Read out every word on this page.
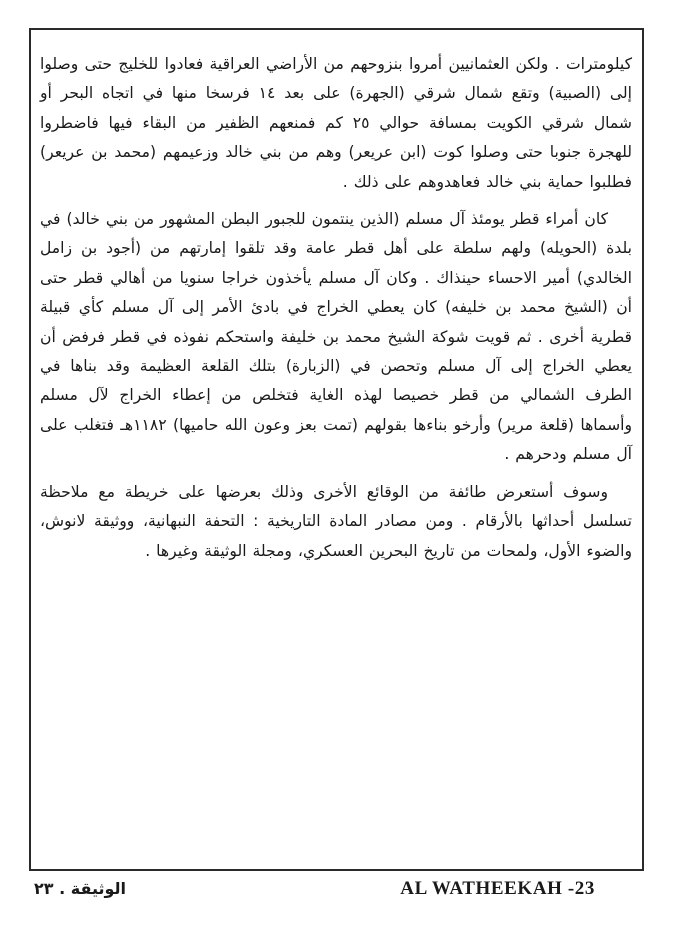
كيلومترات . ولكن العثمانيين أمروا بنزوحهم من الأراضي العراقية فعادوا للخليج حتى وصلوا إلى (الصبية) وتقع شمال شرقي (الجهرة) على بعد ١٤ فرسخا منها في اتجاه البحر أو شمال شرقي الكويت بمسافة حوالي ٢٥ كم فمنعهم الظفير من البقاء فيها فاضطروا للهجرة جنوبا حتى وصلوا كوت (ابن عريعر) وهم من بني خالد وزعيمهم (محمد بن عريعر) فطلبوا حماية بني خالد فعاهدوهم على ذلك .

كان أمراء قطر يومئذ آل مسلم (الذين ينتمون للجبور البطن المشهور من بني خالد) في بلدة (الحويله) ولهم سلطة على أهل قطر عامة وقد تلقوا إمارتهم من (أجود بن زامل الخالدي) أمير الاحساء حينذاك . وكان آل مسلم يأخذون خراجا سنويا من أهالي قطر حتى أن (الشيخ محمد بن خليفه) كان يعطي الخراج في بادئ الأمر إلى آل مسلم كأي قبيلة قطرية أخرى . ثم قويت شوكة الشيخ محمد بن خليفة واستحكم نفوذه في قطر فرفض أن يعطي الخراج إلى آل مسلم وتحصن في (الزبارة) بتلك القلعة العظيمة وقد بناها في الطرف الشمالي من قطر خصيصا لهذه الغاية فتخلص من إعطاء الخراج لآل مسلم وأسماها (قلعة مرير) وأرخو بناءها بقولهم (تمت بعز وعون الله حاميها) ١١٨٢هـ فتغلب على آل مسلم ودحرهم .

وسوف أستعرض طائفة من الوقائع الأخرى وذلك بعرضها على خريطة مع ملاحظة تسلسل أحداثها بالأرقام . ومن مصادر المادة التاريخية : التحفة النبهانية، ووثيقة لانوش، والضوء الأول، ولمحات من تاريخ البحرين العسكري، ومجلة الوثيقة وغيرها .

الوثيقة . ٢٣	AL WATHEEKAH -23
